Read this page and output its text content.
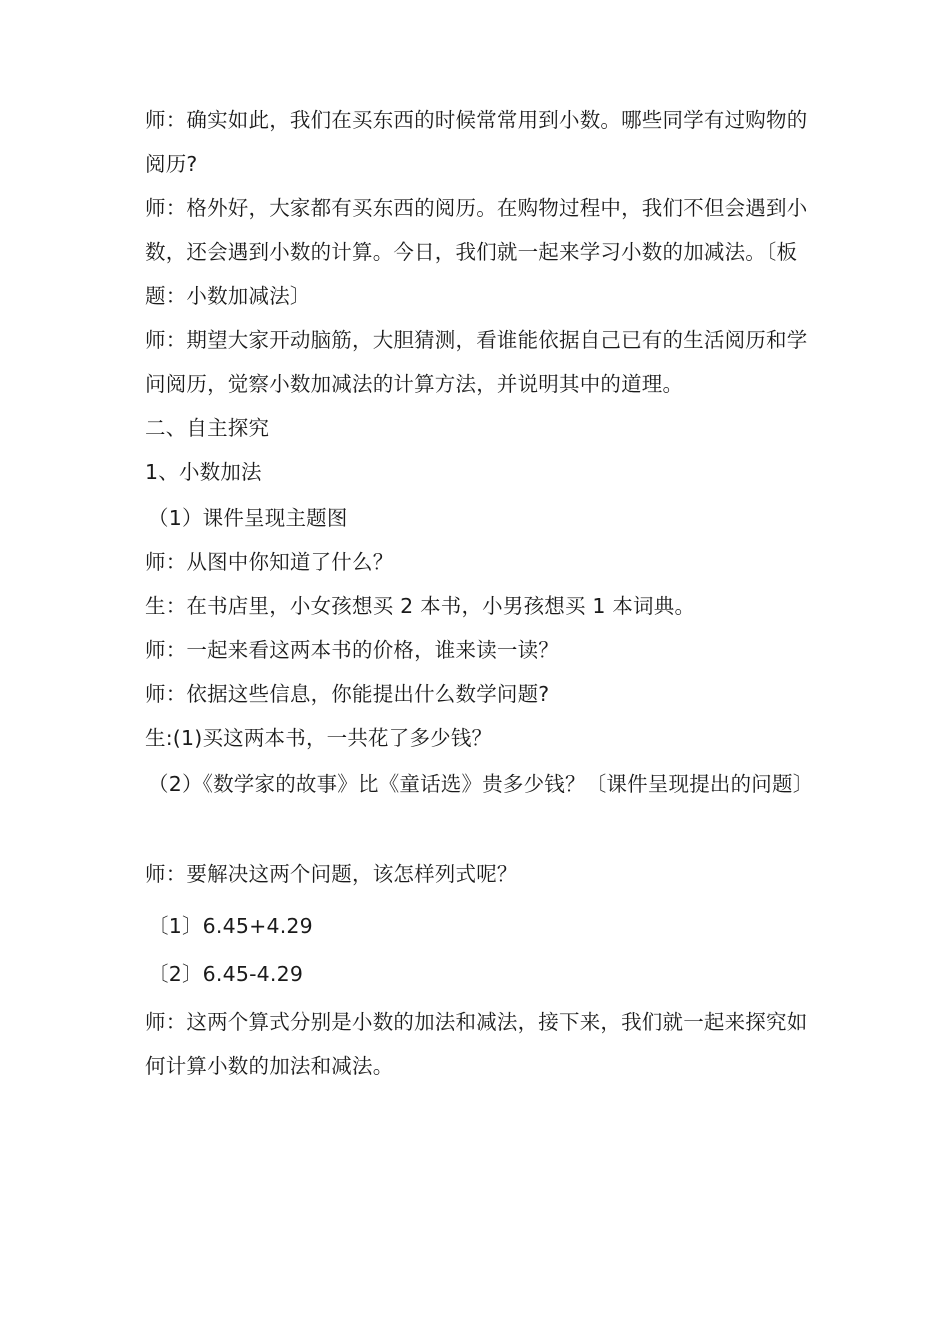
师：确实如此，我们在买东西的时候常常用到小数。哪些同学有过购物的阅历?

师：格外好，大家都有买东西的阅历。在购物过程中，我们不但会遇到小数，还会遇到小数的计算。今日，我们就一起来学习小数的加减法。〔板题：小数加减法〕

师：期望大家开动脑筋，大胆猜测，看谁能依据自己已有的生活阅历和学问阅历，觉察小数加减法的计算方法，并说明其中的道理。

二、自主探究

1、小数加法

（1）课件呈现主题图

师：从图中你知道了什么？

生：在书店里，小女孩想买 2 本书，小男孩想买 1 本词典。

师：一起来看这两本书的价格，谁来读一读？

师：依据这些信息，你能提出什么数学问题?

生:(1)买这两本书，一共花了多少钱？

（2）《数学家的故事》比《童话选》贵多少钱？〔课件呈现提出的问题〕

师：要解决这两个问题，该怎样列式呢？

〔1〕6.45+4.29

〔2〕6.45-4.29

师：这两个算式分别是小数的加法和减法，接下来，我们就一起来探究如何计算小数的加法和减法。
